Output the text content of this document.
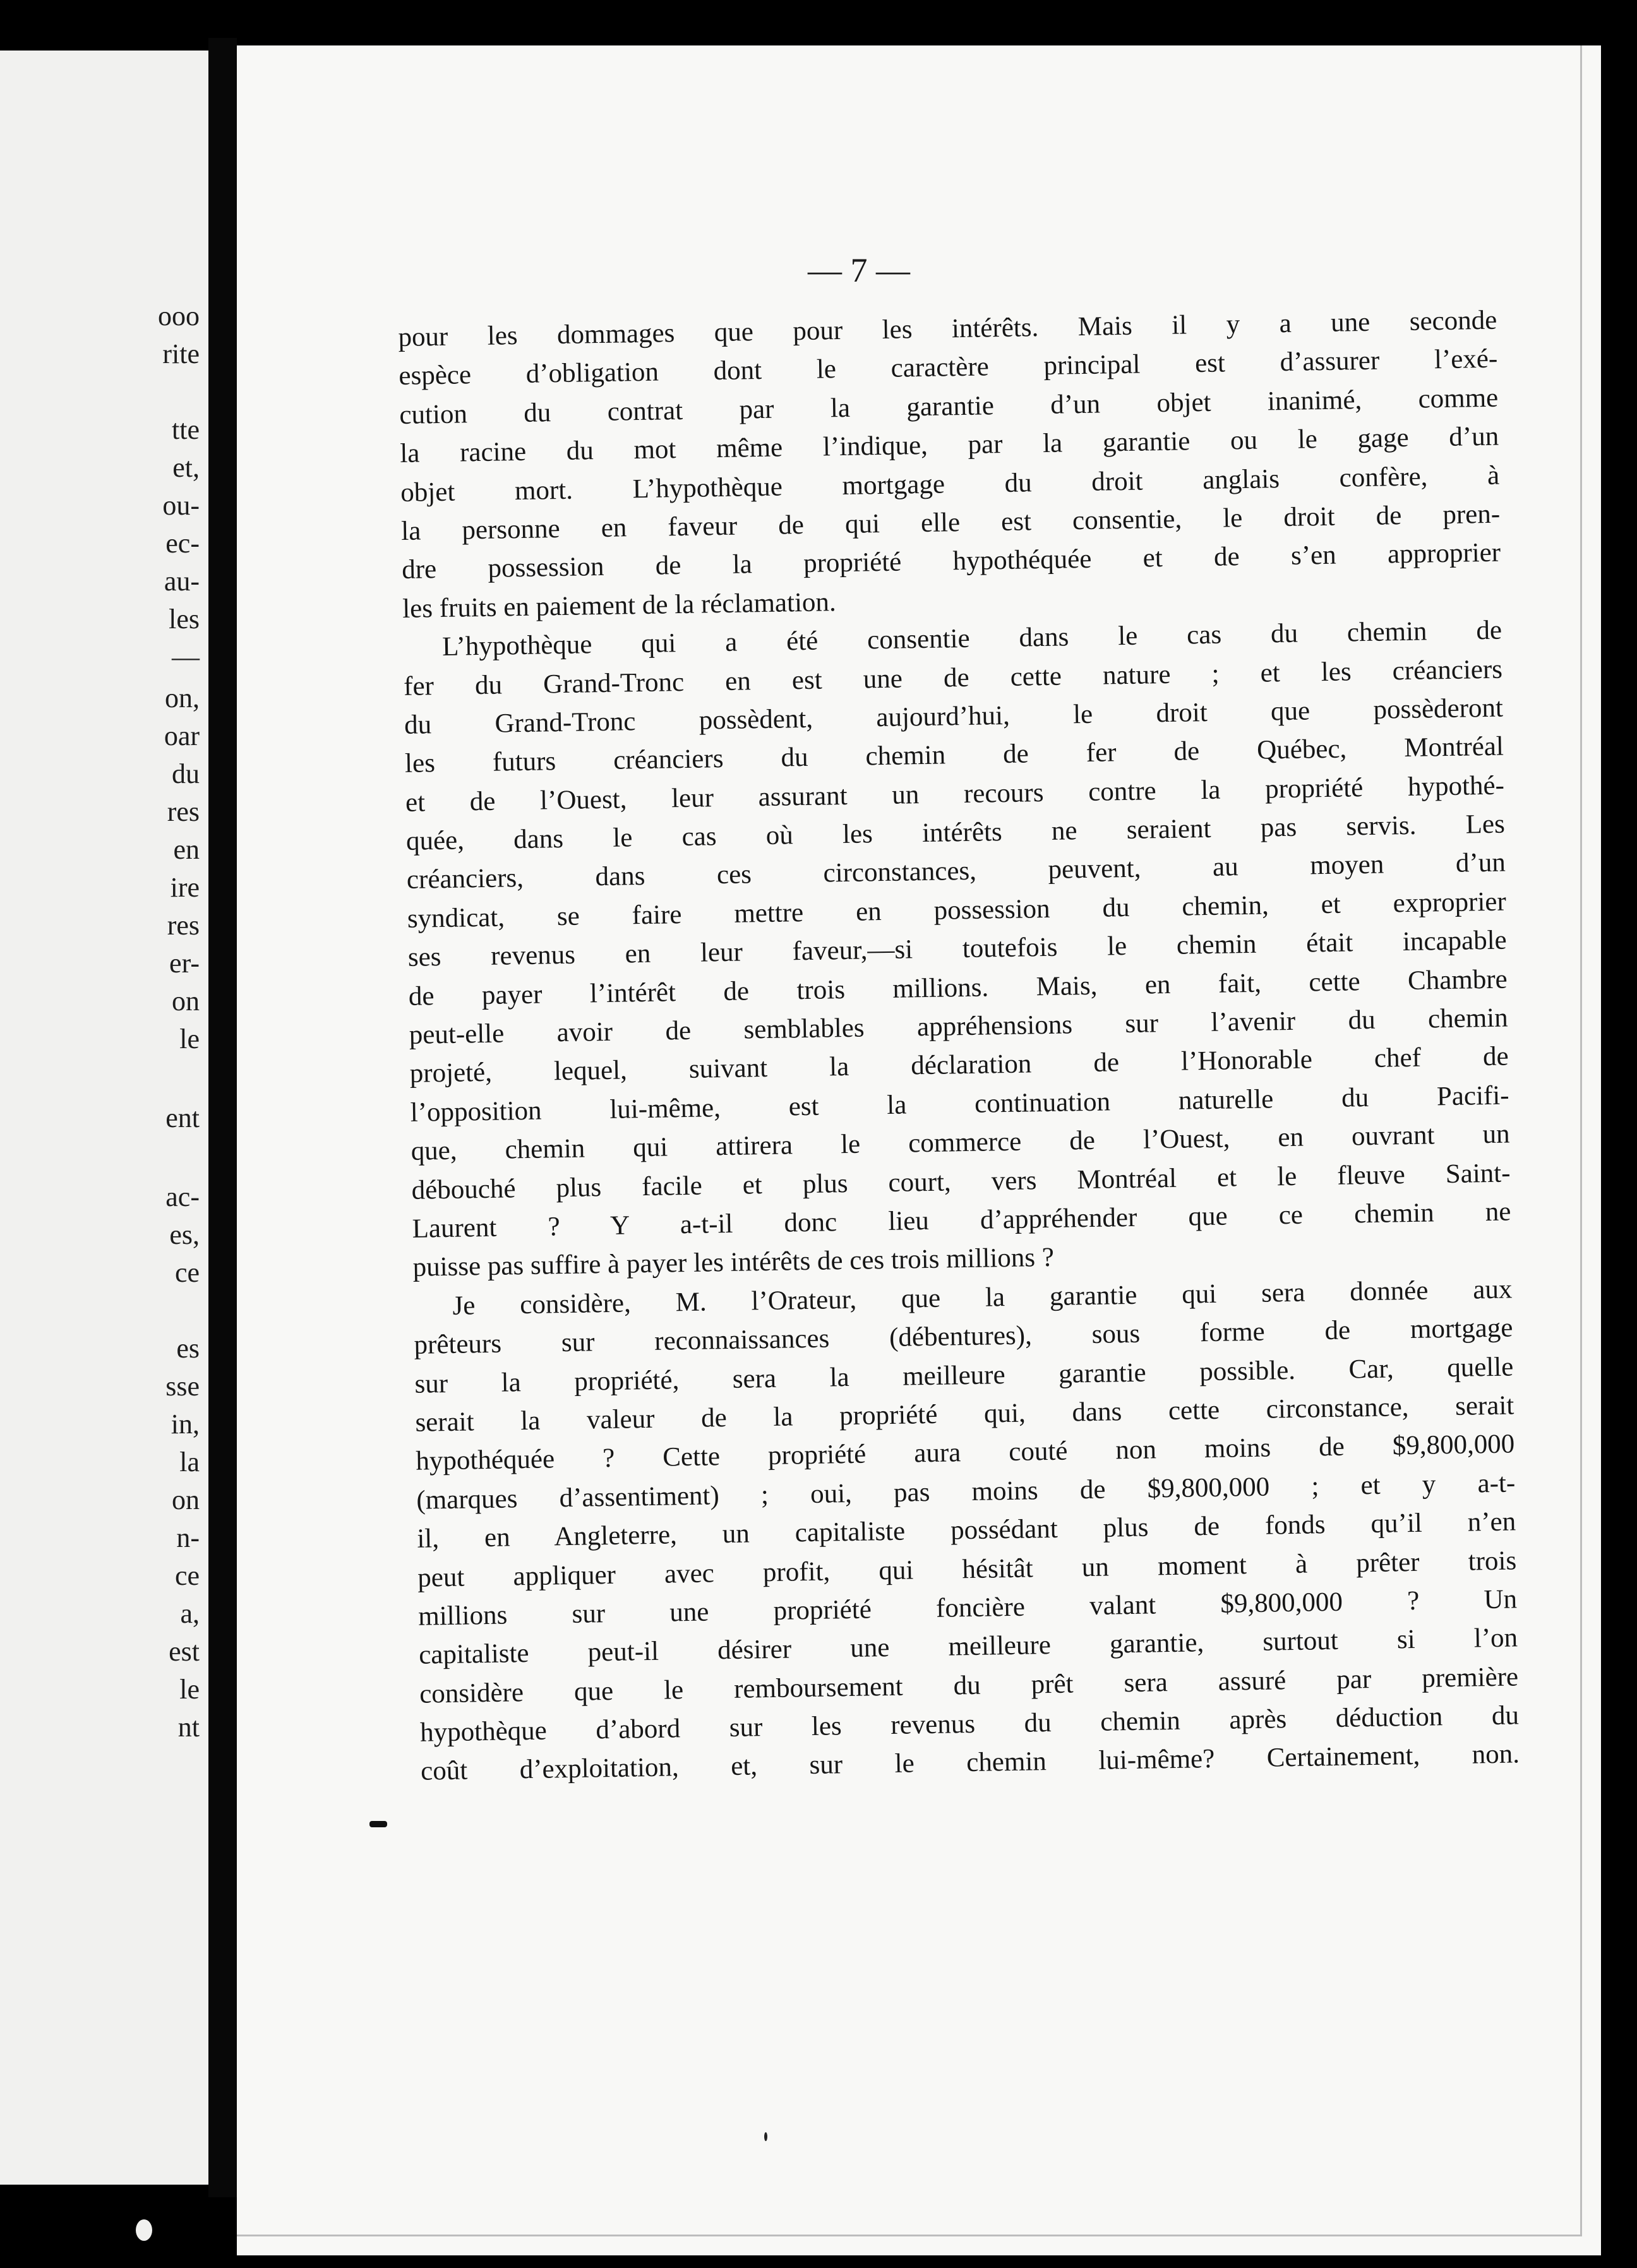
ooo
rite
tte
et,
ou-
ec-
au-
les
—
on,
oar
du
res
en
ire
res
er-
on
le
ent
ac-
es,
ce
es
sse
in,
la
on
n-
ce
a,
est
le
nt
— 7 —
pour les dommages que pour les intérêts. Mais il y a une seconde
espèce d’obligation dont le caractère principal est d’assurer l’exé-
cution du contrat par la garantie d’un objet inanimé, comme
la racine du mot même l’indique, par la garantie ou le gage d’un
objet mort. L’hypothèque mortgage du droit anglais confère, à
la personne en faveur de qui elle est consentie, le droit de pren-
dre possession de la propriété hypothéquée et de s’en approprier
les fruits en paiement de la réclamation.
L’hypothèque qui a été consentie dans le cas du chemin de
fer du Grand-Tronc en est une de cette nature ; et les créanciers
du Grand-Tronc possèdent, aujourd’hui, le droit que possèderont
les futurs créanciers du chemin de fer de Québec, Montréal
et de l’Ouest, leur assurant un recours contre la propriété hypothé-
quée, dans le cas où les intérêts ne seraient pas servis. Les
créanciers, dans ces circonstances, peuvent, au moyen d’un
syndicat, se faire mettre en possession du chemin, et exproprier
ses revenus en leur faveur,—si toutefois le chemin était incapable
de payer l’intérêt de trois millions. Mais, en fait, cette Chambre
peut-elle avoir de semblables appréhensions sur l’avenir du chemin
projeté, lequel, suivant la déclaration de l’Honorable chef de
l’opposition lui-même, est la continuation naturelle du Pacifi-
que, chemin qui attirera le commerce de l’Ouest, en ouvrant un
débouché plus facile et plus court, vers Montréal et le fleuve Saint-
Laurent ? Y a-t-il donc lieu d’appréhender que ce chemin ne
puisse pas suffire à payer les intérêts de ces trois millions ?
Je considère, M. l’Orateur, que la garantie qui sera donnée aux
prêteurs sur reconnaissances (débentures), sous forme de mortgage
sur la propriété, sera la meilleure garantie possible. Car, quelle
serait la valeur de la propriété qui, dans cette circonstance, serait
hypothéquée ? Cette propriété aura couté non moins de $9,800,000
(marques d’assentiment) ; oui, pas moins de $9,800,000 ; et y a-t-
il, en Angleterre, un capitaliste possédant plus de fonds qu’il n’en
peut appliquer avec profit, qui hésitât un moment à prêter trois
millions sur une propriété foncière valant $9,800,000 ? Un
capitaliste peut-il désirer une meilleure garantie, surtout si l’on
considère que le remboursement du prêt sera assuré par première
hypothèque d’abord sur les revenus du chemin après déduction du
coût d’exploitation, et, sur le chemin lui-même? Certainement, non.
